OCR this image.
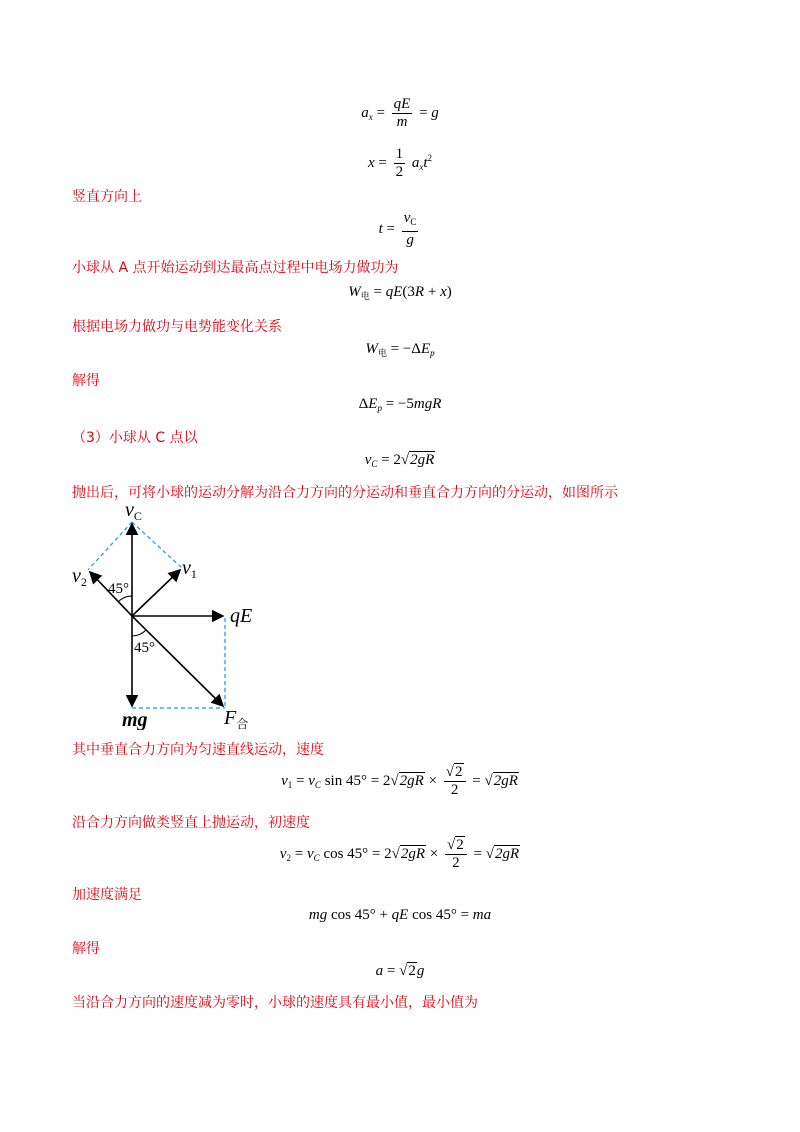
$a_x = \frac{qE}{m} = g$
$x = \frac{1}{2} a_xt^2$
竖直方向上
$t = \frac{v_C}{g}$
小球从 A 点开始运动到达最高点过程中电场力做功为
$W_电 = qE(3R + x)$
根据电场力做功与电势能变化关系
$W_电 = -\Delta E_p$
解得
$\Delta E_p = -5mgR$
（3）小球从 C 点以
$v_C = 2√2gR$
抛出后，可将小球的运动分解为沿合力方向的分运动和垂直合力方向的分运动，如图所示
$v_C$
$v_1$
$v_2$ 45°
qE
45°
mg	$F_合$
其中垂直合力方向为匀速直线运动，速度
$v_1 = v_C$ $\sin 45^\circ = 2√2gR \times \frac{√2}{2} = √2gR$
沿合力方向做类竖直上抛运动，初速度
$v_2 = v_C$ $\cos 45^\circ = 2√2gR \times \frac{√2}{2} = √2gR$
加速度满足
mg cos 45° + qE cos 45° = ma
解得
a = √2g
当沿合力方向的速度减为零时，小球的速度具有最小值，最小值为
